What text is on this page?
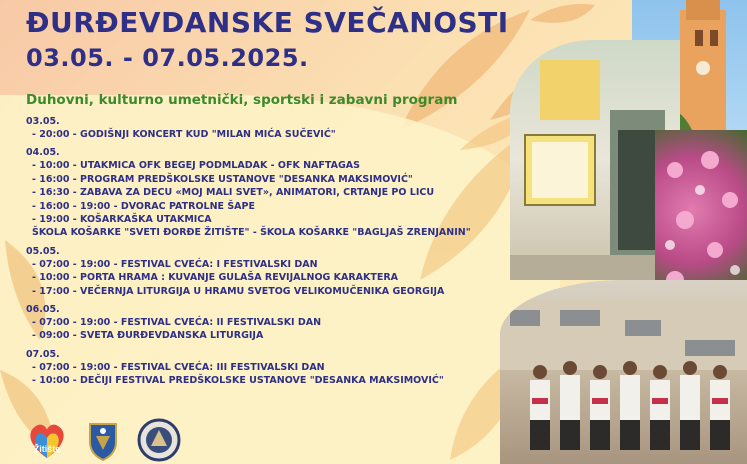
ĐURĐEVDANSKE SVEČANOSTI
03.05. - 07.05.2025.
Duhovni, kulturno umetnički, sportski i zabavni program
03.05.
- 20:00 - GODIŠNJI KONCERT KUD "MILAN MIĆA SUČEVIĆ"
04.05.
- 10:00 - UTAKMICA OFK BEGEJ PODMLADAK - OFK NAFTAGAS
- 16:00 - PROGRAM PREDŠKOLSKE USTANOVE "DESANKA MAKSIMOVIĆ"
- 16:30 - ZABAVA ZA DECU «MOJ MALI SVET», ANIMATORI, CRTANJE PO LICU
- 16:00 - 19:00 - DVORAC PATROLNE ŠAPE
- 19:00 - KOŠARKAŠKA UTAKMICA
ŠKOLA KOŠARKE "SVETI ĐORĐE ŽITIŠTE" - ŠKOLA KOŠARKE "BAGLJAŠ ZRENJANIN"
05.05.
- 07:00 - 19:00 - FESTIVAL CVEĆA: I FESTIVALSKI DAN
- 10:00 - PORTA HRAMA : KUVANJE GULAŠA REVIJALNOG KARAKTERA
- 17:00 - VEČERNJA LITURGIJA U HRAMU SVETOG VELIKOMUČENIKA GEORGIJA
06.05.
- 07:00 - 19:00 - FESTIVAL CVEĆA: II FESTIVALSKI DAN
- 09:00 - SVETA ĐURĐEVDANSKA LITURGIJA
07.05.
- 07:00 - 19:00 - FESTIVAL CVEĆA: III FESTIVALSKI DAN
- 10:00 - DEČIJI FESTIVAL PREDŠKOLSKE USTANOVE "DESANKA MAKSIMOVIĆ"
Žitište
